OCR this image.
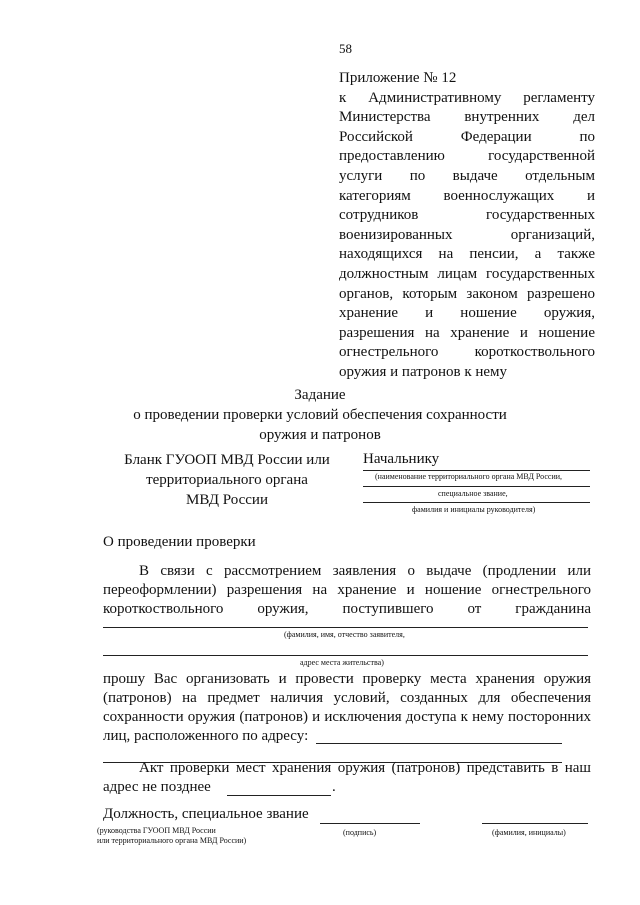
58
Приложение № 12
к Административному регламенту
Министерства внутренних дел
Российской Федерации по
предоставлению государственной
услуги по выдаче отдельным
категориям военнослужащих и
сотрудников государственных
военизированных организаций,
находящихся на пенсии, а также
должностным лицам государственных
органов, которым законом разрешено
хранение и ношение оружия,
разрешения на хранение и ношение
огнестрельного короткоствольного
оружия и патронов к нему
Задание
о проведении проверки условий обеспечения сохранности
оружия и патронов
Бланк ГУООП МВД России или
территориального органа
МВД России
Начальнику
(наименование территориального органа МВД России,
специальное звание,
фамилия и инициалы руководителя)
О проведении проверки
В связи с рассмотрением заявления о выдаче (продлении или
переоформлении) разрешения на хранение и ношение огнестрельного
короткоствольного оружия, поступившего от гражданина
(фамилия, имя, отчество заявителя,
адрес места жительства)
прошу Вас организовать и провести проверку места хранения оружия
(патронов) на предмет наличия условий, созданных для обеспечения
сохранности оружия (патронов) и исключения доступа к нему посторонних
лиц, расположенного по адресу:
Акт проверки мест хранения оружия (патронов) представить в наш
адрес не позднее	.
Должность, специальное звание
(руководства ГУООП МВД России
или территориального органа МВД России)
(подпись)	(фамилия, инициалы)
